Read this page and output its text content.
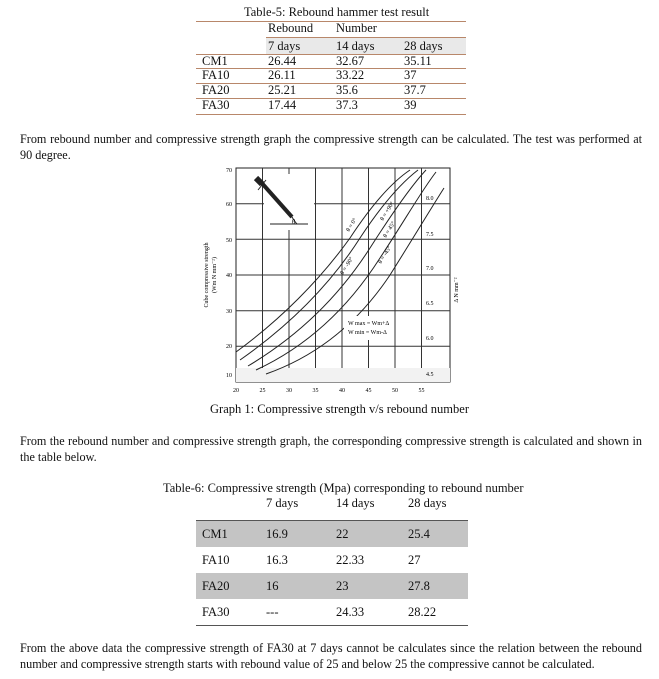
Table-5: Rebound hammer test result
Rebound Number
7 days	14 days 28 days
CM1	26.44	32.67	35.11
FA10	26.11	33.22	37
FA20	25.21	35.6	37.7
FA30	17.44	37.3	39
From rebound number and compressive strength graph the compressive strength can be calculated. The test was performed at 90 degree.
θ
θ = -90°
θ = 0°
θ = +90°
θ = 45°
θ = -45°
W max = Wm+Δ
W min = Wm-Δ
8.0
7.5
7.0
6.5
6.0
4.5
70
60
50
40
30
20
10
20	25	30	35	40	45	50	55
Cube compressive strength (Wm N mm⁻²)	Δ N mm⁻²
Graph 1: Compressive strength v/s rebound number
From the rebound number and compressive strength graph, the corresponding compressive strength is calculated and shown in the table below.
Table-6: Compressive strength (Mpa) corresponding to rebound number
7 days	14 days	28 days
CM1	16.9	22	25.4
FA10	16.3	22.33	27
FA20	16	23	27.8
FA30	---	24.33	28.22
From the above data the compressive strength of FA30 at 7 days cannot be calculates since the relation between the rebound number and compressive strength starts with rebound value of 25 and below 25 the compressive cannot be calculated.
